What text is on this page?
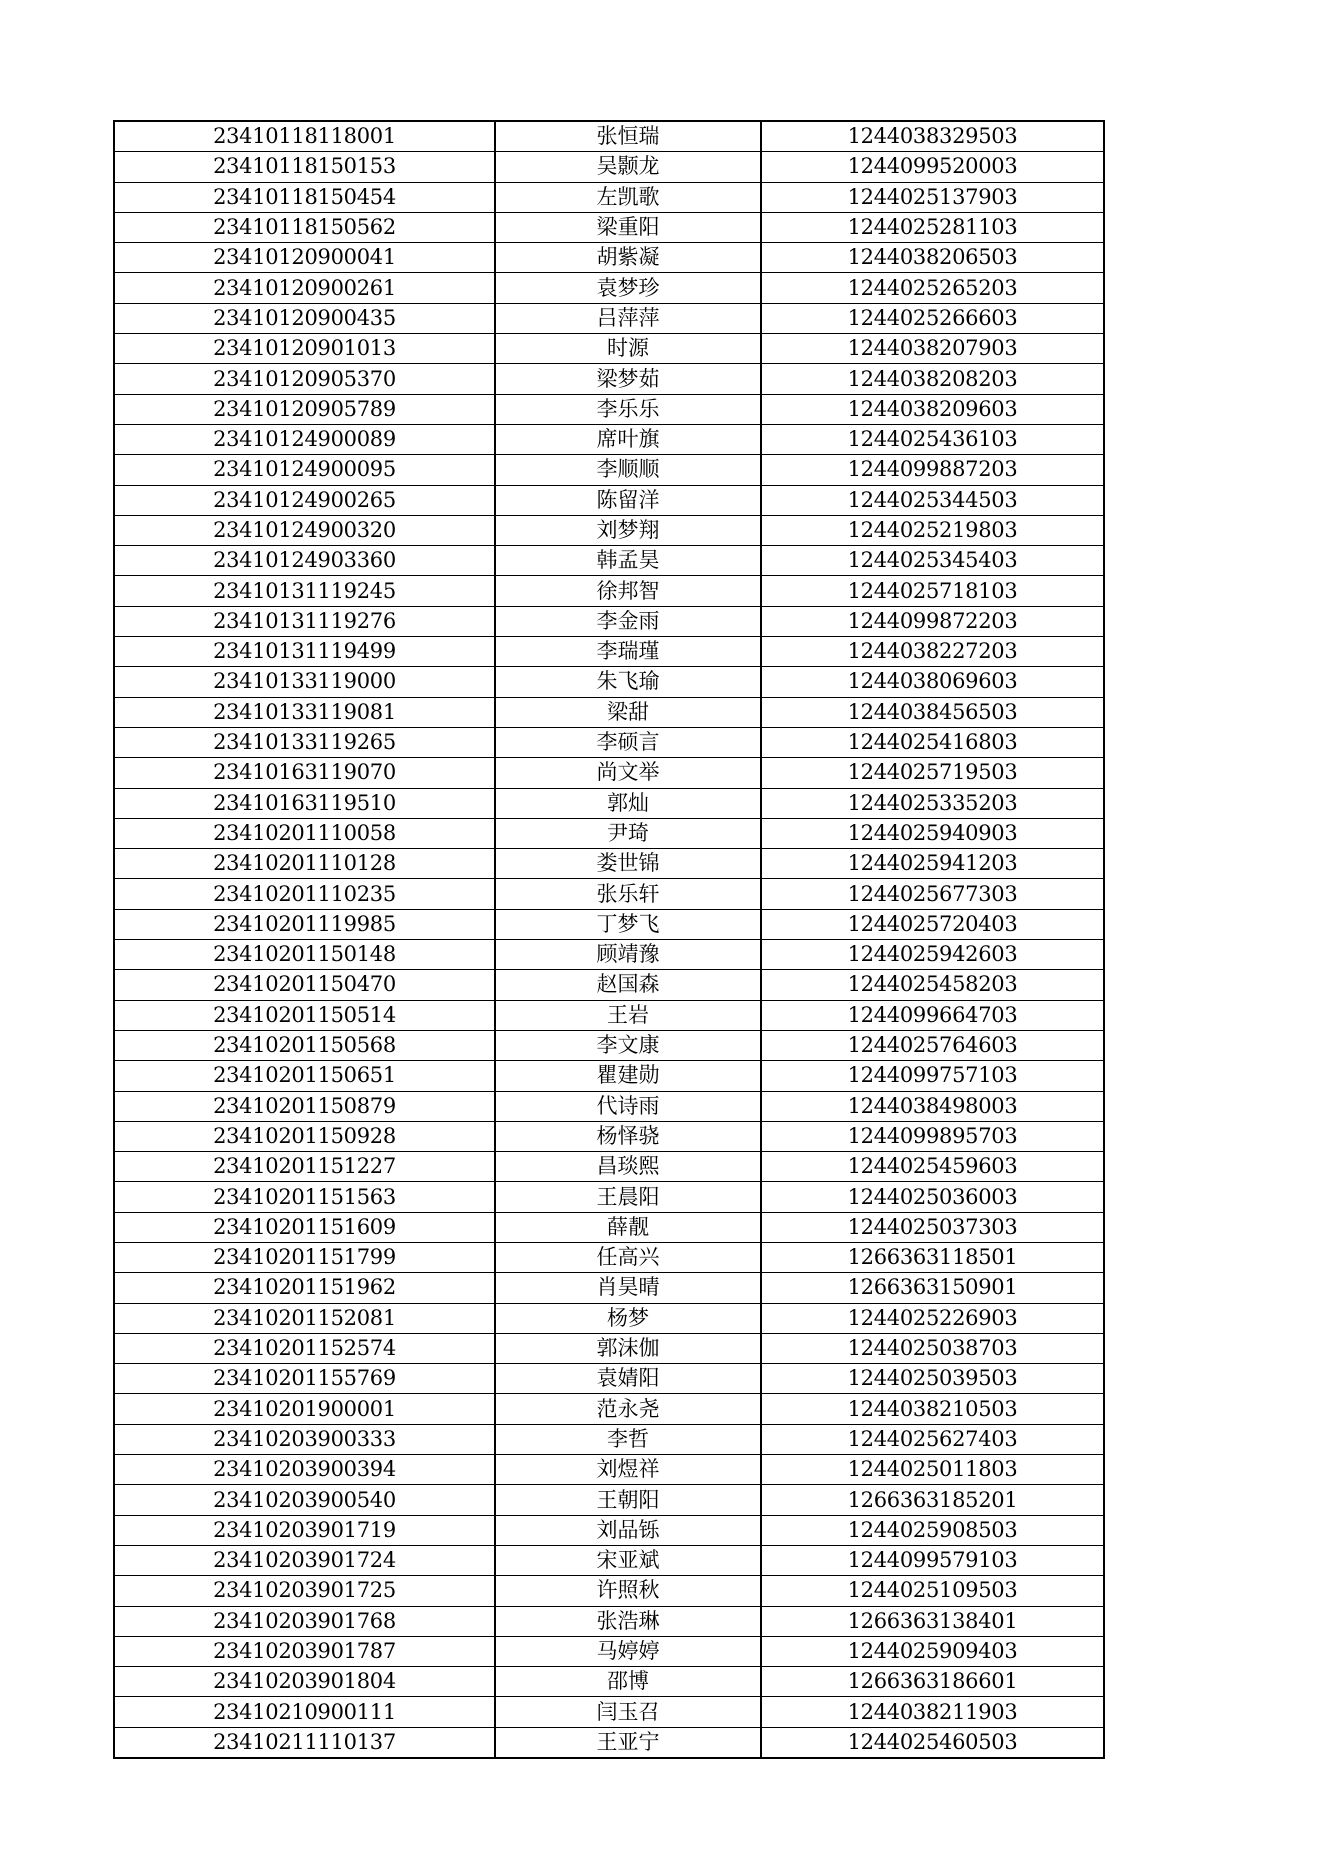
23410118118001	张恒瑞	1244038329503
23410118150153	吴颢龙	1244099520003
23410118150454	左凯歌	1244025137903
23410118150562	梁重阳	1244025281103
23410120900041	胡紫凝	1244038206503
23410120900261	袁梦珍	1244025265203
23410120900435	吕萍萍	1244025266603
23410120901013	时源	1244038207903
23410120905370	梁梦茹	1244038208203
23410120905789	李乐乐	1244038209603
23410124900089	席叶旗	1244025436103
23410124900095	李顺顺	1244099887203
23410124900265	陈留洋	1244025344503
23410124900320	刘梦翔	1244025219803
23410124903360	韩孟昊	1244025345403
23410131119245	徐邦智	1244025718103
23410131119276	李金雨	1244099872203
23410131119499	李瑞瑾	1244038227203
23410133119000	朱飞瑜	1244038069603
23410133119081	梁甜	1244038456503
23410133119265	李硕言	1244025416803
23410163119070	尚文举	1244025719503
23410163119510	郭灿	1244025335203
23410201110058	尹琦	1244025940903
23410201110128	娄世锦	1244025941203
23410201110235	张乐轩	1244025677303
23410201119985	丁梦飞	1244025720403
23410201150148	顾靖豫	1244025942603
23410201150470	赵国森	1244025458203
23410201150514	王岩	1244099664703
23410201150568	李文康	1244025764603
23410201150651	瞿建勋	1244099757103
23410201150879	代诗雨	1244038498003
23410201150928	杨怿骁	1244099895703
23410201151227	昌琰熙	1244025459603
23410201151563	王晨阳	1244025036003
23410201151609	薛靓	1244025037303
23410201151799	任高兴	1266363118501
23410201151962	肖昊晴	1266363150901
23410201152081	杨梦	1244025226903
23410201152574	郭沫伽	1244025038703
23410201155769	袁婧阳	1244025039503
23410201900001	范永尧	1244038210503
23410203900333	李哲	1244025627403
23410203900394	刘煜祥	1244025011803
23410203900540	王朝阳	1266363185201
23410203901719	刘品铄	1244025908503
23410203901724	宋亚斌	1244099579103
23410203901725	许照秋	1244025109503
23410203901768	张浩琳	1266363138401
23410203901787	马婷婷	1244025909403
23410203901804	邵博	1266363186601
23410210900111	闫玉召	1244038211903
23410211110137	王亚宁	1244025460503
